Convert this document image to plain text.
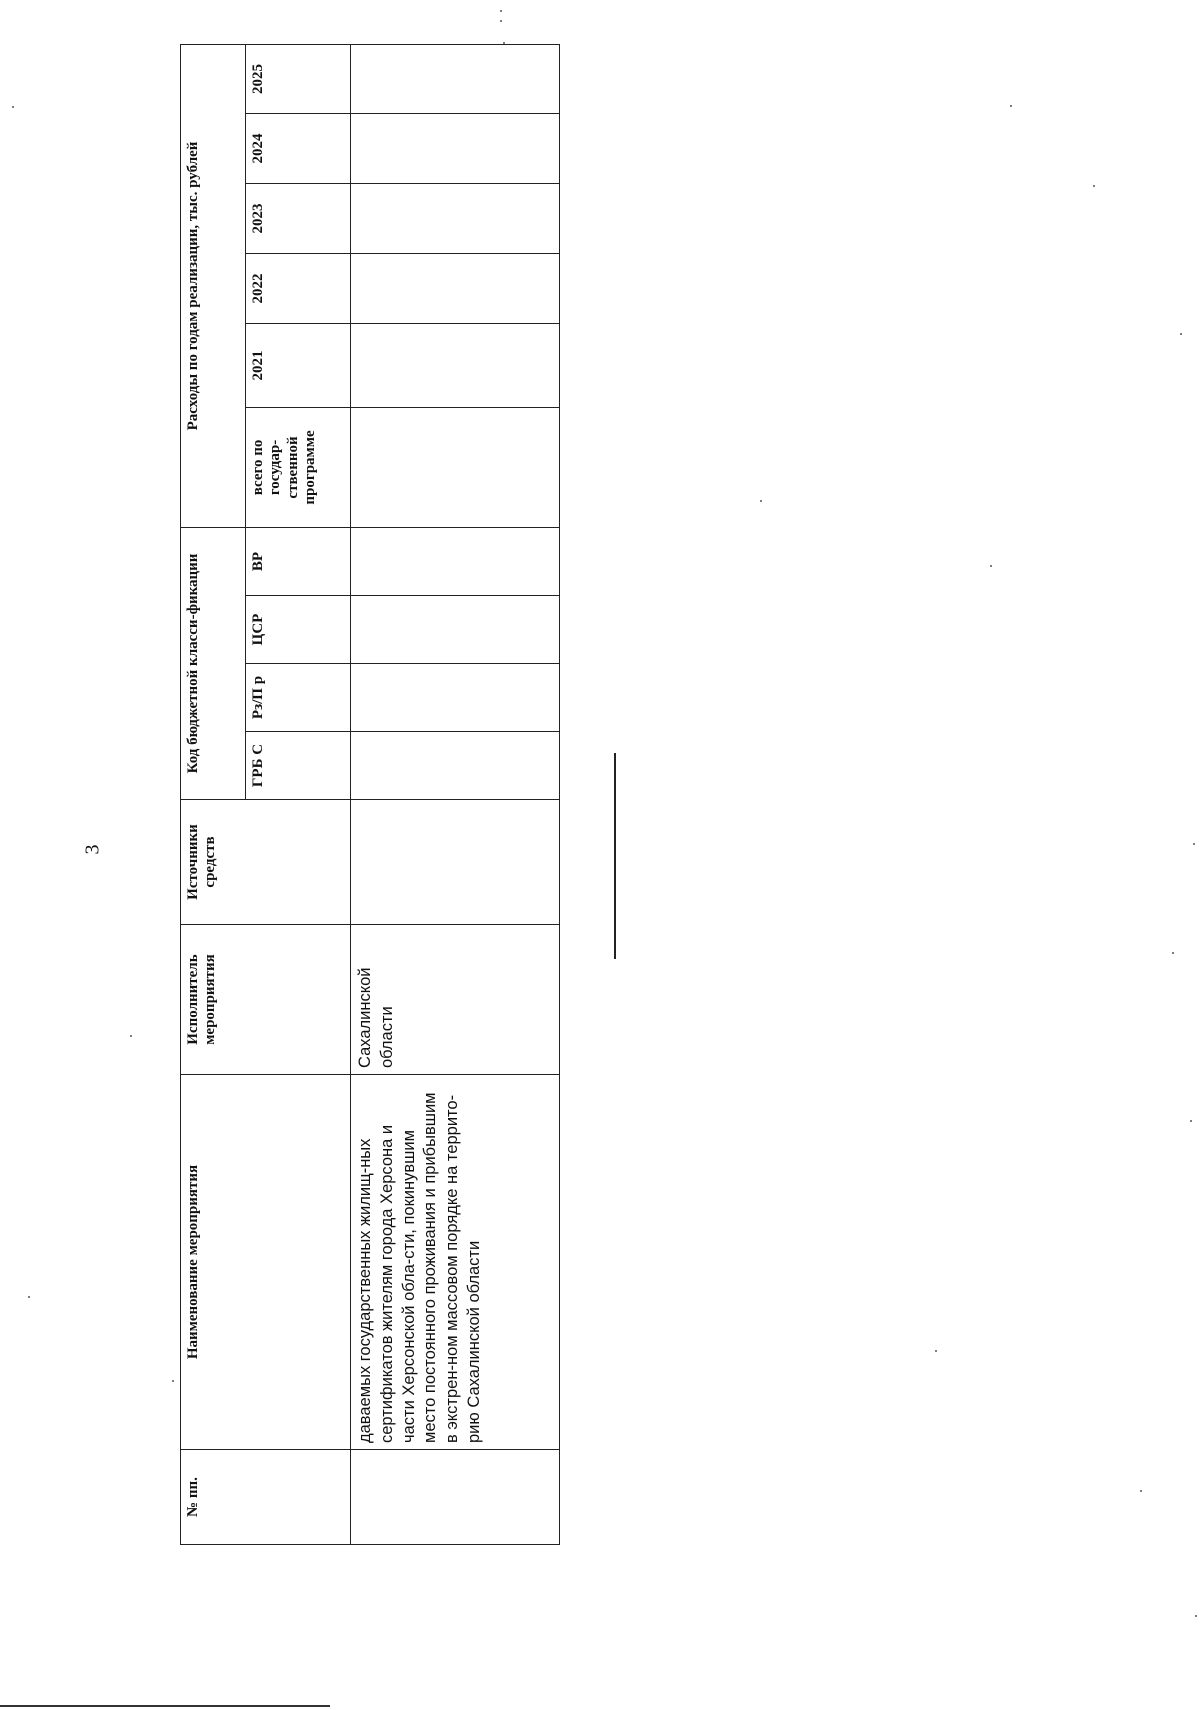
3
№ пп.	Наименование мероприятия	Исполнитель мероприятия	Источники средств	Код бюджетной класси-фикации				Расходы по годам реализации, тыс. рублей					
				ГРБ С	Рз/П р	ЦСР	ВР	всего по государ-ственной программе	2021	2022	2023	2024	2025
	даваемых государственных жилищ-ных сертификатов жителям города Херсона и части Херсонской обла-сти, покинувшим место постоянного проживания и прибывшим в экстрен-ном массовом порядке на террито-рию Сахалинской области	Сахалинской области											
